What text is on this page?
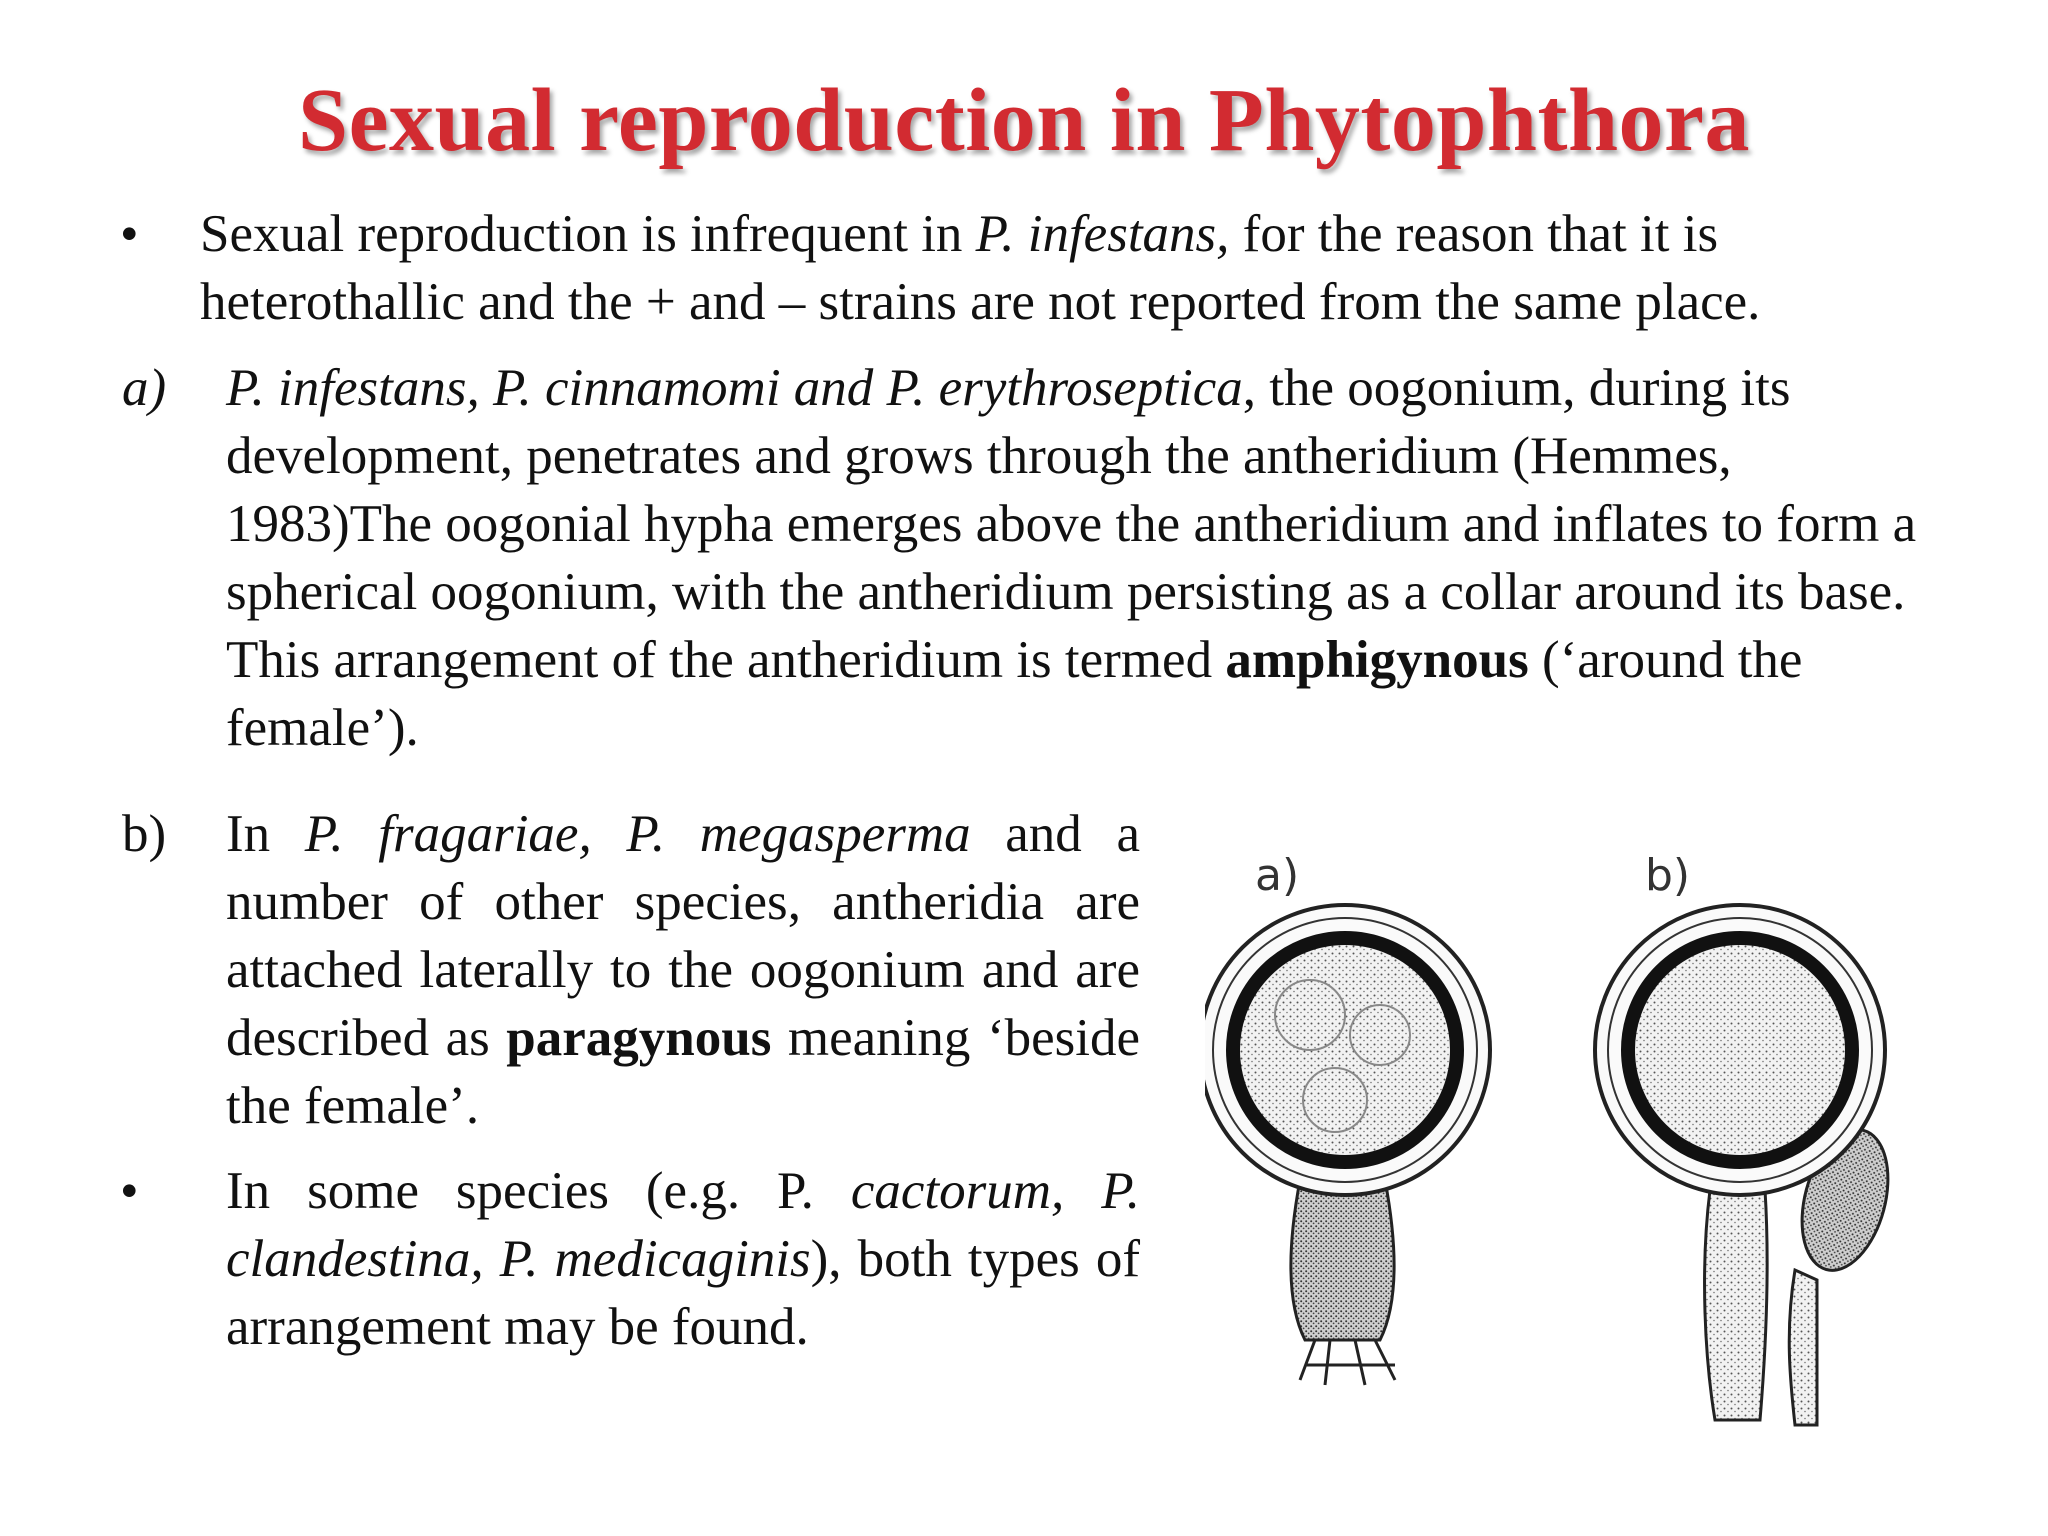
Sexual reproduction in Phytophthora
• Sexual reproduction is infrequent in P. infestans, for the reason that it is heterothallic and the + and – strains are not reported from the same place.
a) P. infestans, P. cinnamomi and P. erythroseptica, the oogonium, during its development, penetrates and grows through the antheridium (Hemmes, 1983)The oogonial hypha emerges above the antheridium and inflates to form a spherical oogonium, with the antheridium persisting as a collar around its base. This arrangement of the antheridium is termed amphigynous (‘around the female’).
b) In P. fragariae, P. megasperma and a number of other species, antheridia are attached laterally to the oogonium and are described as paragynous meaning ‘beside the female’.
• In some species (e.g. P. cactorum, P. clandestina, P. medicaginis), both types of arrangement may be found.
a)	b)
